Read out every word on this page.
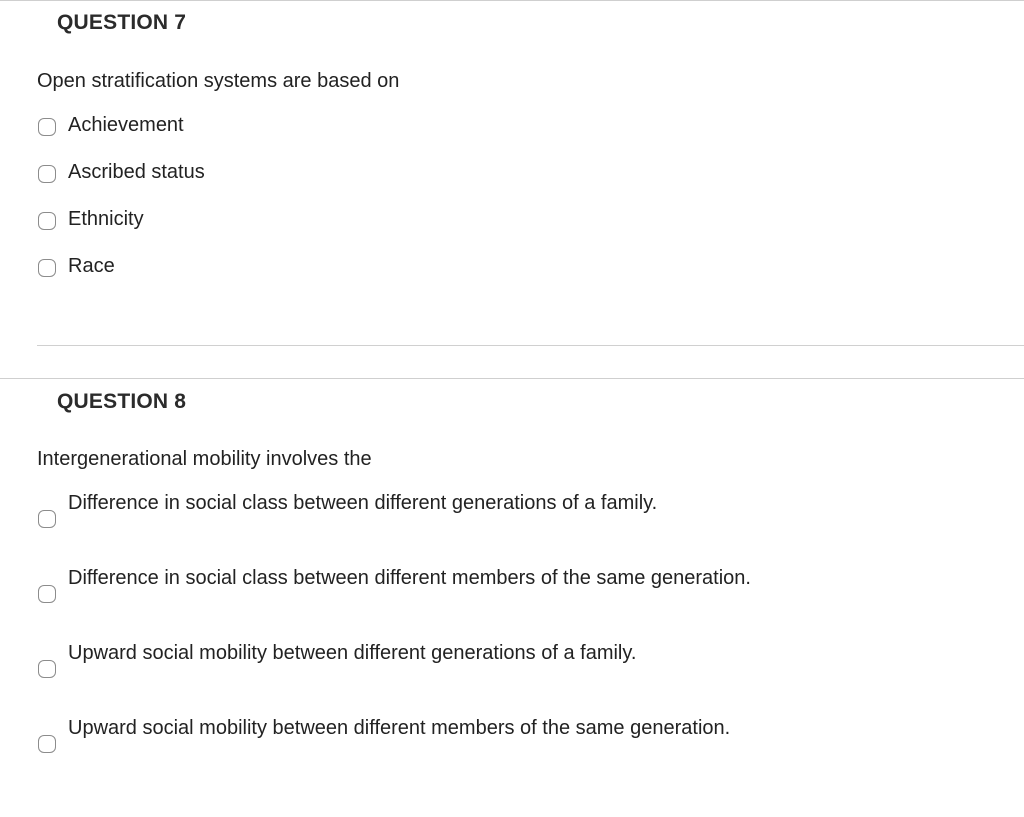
QUESTION 7
Open stratification systems are based on
Achievement
Ascribed status
Ethnicity
Race
QUESTION 8
Intergenerational mobility involves the
Difference in social class between different generations of a family.
Difference in social class between different members of the same generation.
Upward social mobility between different generations of a family.
Upward social mobility between different members of the same generation.
